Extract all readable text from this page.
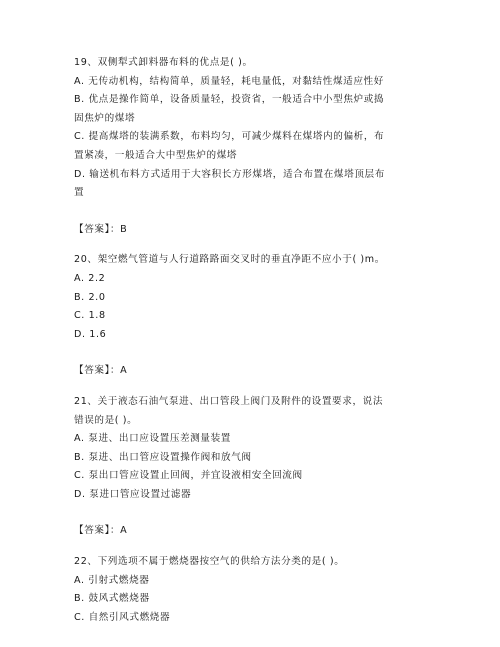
19、双侧犁式卸料器布料的优点是( )。
A. 无传动机构，结构简单，质量轻，耗电量低，对黏结性煤适应性好
B. 优点是操作简单，设备质量轻，投资省，一般适合中小型焦炉或捣
固焦炉的煤塔
C. 提高煤塔的装满系数，布料均匀，可减少煤料在煤塔内的偏析，布
置紧凑，一般适合大中型焦炉的煤塔
D. 输送机布料方式适用于大容积长方形煤塔，适合布置在煤塔顶层布
置
【答案】：B
20、架空燃气管道与人行道路路面交叉时的垂直净距不应小于( )m。
A. 2.2
B. 2.0
C. 1.8
D. 1.6
【答案】：A
21、关于液态石油气泵进、出口管段上阀门及附件的设置要求，说法
错误的是( )。
A. 泵进、出口应设置压差测量装置
B. 泵进、出口管应设置操作阀和放气阀
C. 泵出口管应设置止回阀，并宜设液相安全回流阀
D. 泵进口管应设置过滤器
【答案】：A
22、下列选项不属于燃烧器按空气的供给方法分类的是( )。
A. 引射式燃烧器
B. 鼓风式燃烧器
C. 自然引风式燃烧器
